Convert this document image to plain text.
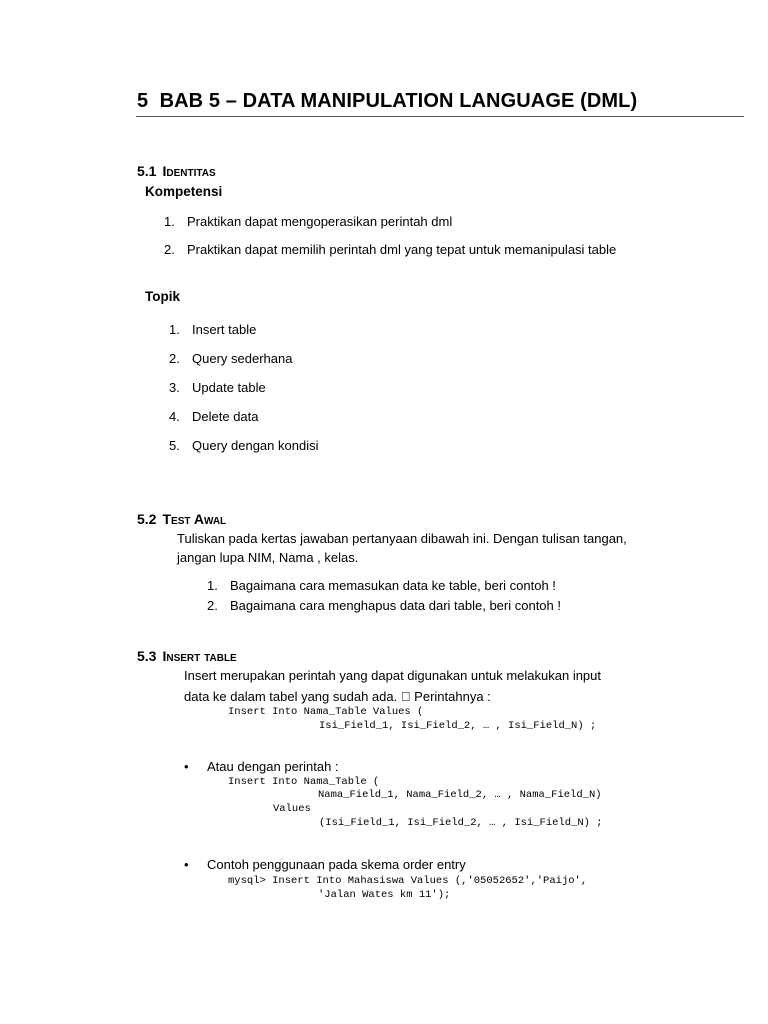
5 BAB 5 – DATA MANIPULATION LANGUAGE (DML)
5.1 Identitas
Kompetensi
1. Praktikan dapat mengoperasikan perintah dml
2. Praktikan dapat memilih perintah dml yang tepat untuk memanipulasi table
Topik
1. Insert table
2. Query sederhana
3. Update table
4. Delete data
5. Query dengan kondisi
5.2 Test Awal
Tuliskan pada kertas jawaban pertanyaan dibawah ini. Dengan tulisan tangan,
jangan lupa NIM, Nama , kelas.
1. Bagaimana cara memasukan data ke table, beri contoh !
2. Bagaimana cara menghapus data dari table, beri contoh !
5.3 Insert table
Insert merupakan perintah yang dapat digunakan untuk melakukan input
data ke dalam tabel yang sudah ada. Perintahnya :
Insert Into Nama_Table Values (
Isi_Field_1, Isi_Field_2, … , Isi_Field_N) ;
• Atau dengan perintah :
Insert Into Nama_Table (
Nama_Field_1, Nama_Field_2, … , Nama_Field_N)
Values
(Isi_Field_1, Isi_Field_2, … , Isi_Field_N) ;
• Contoh penggunaan pada skema order entry
mysql> Insert Into Mahasiswa Values (,'05052652','Paijo',
'Jalan Wates km 11');
